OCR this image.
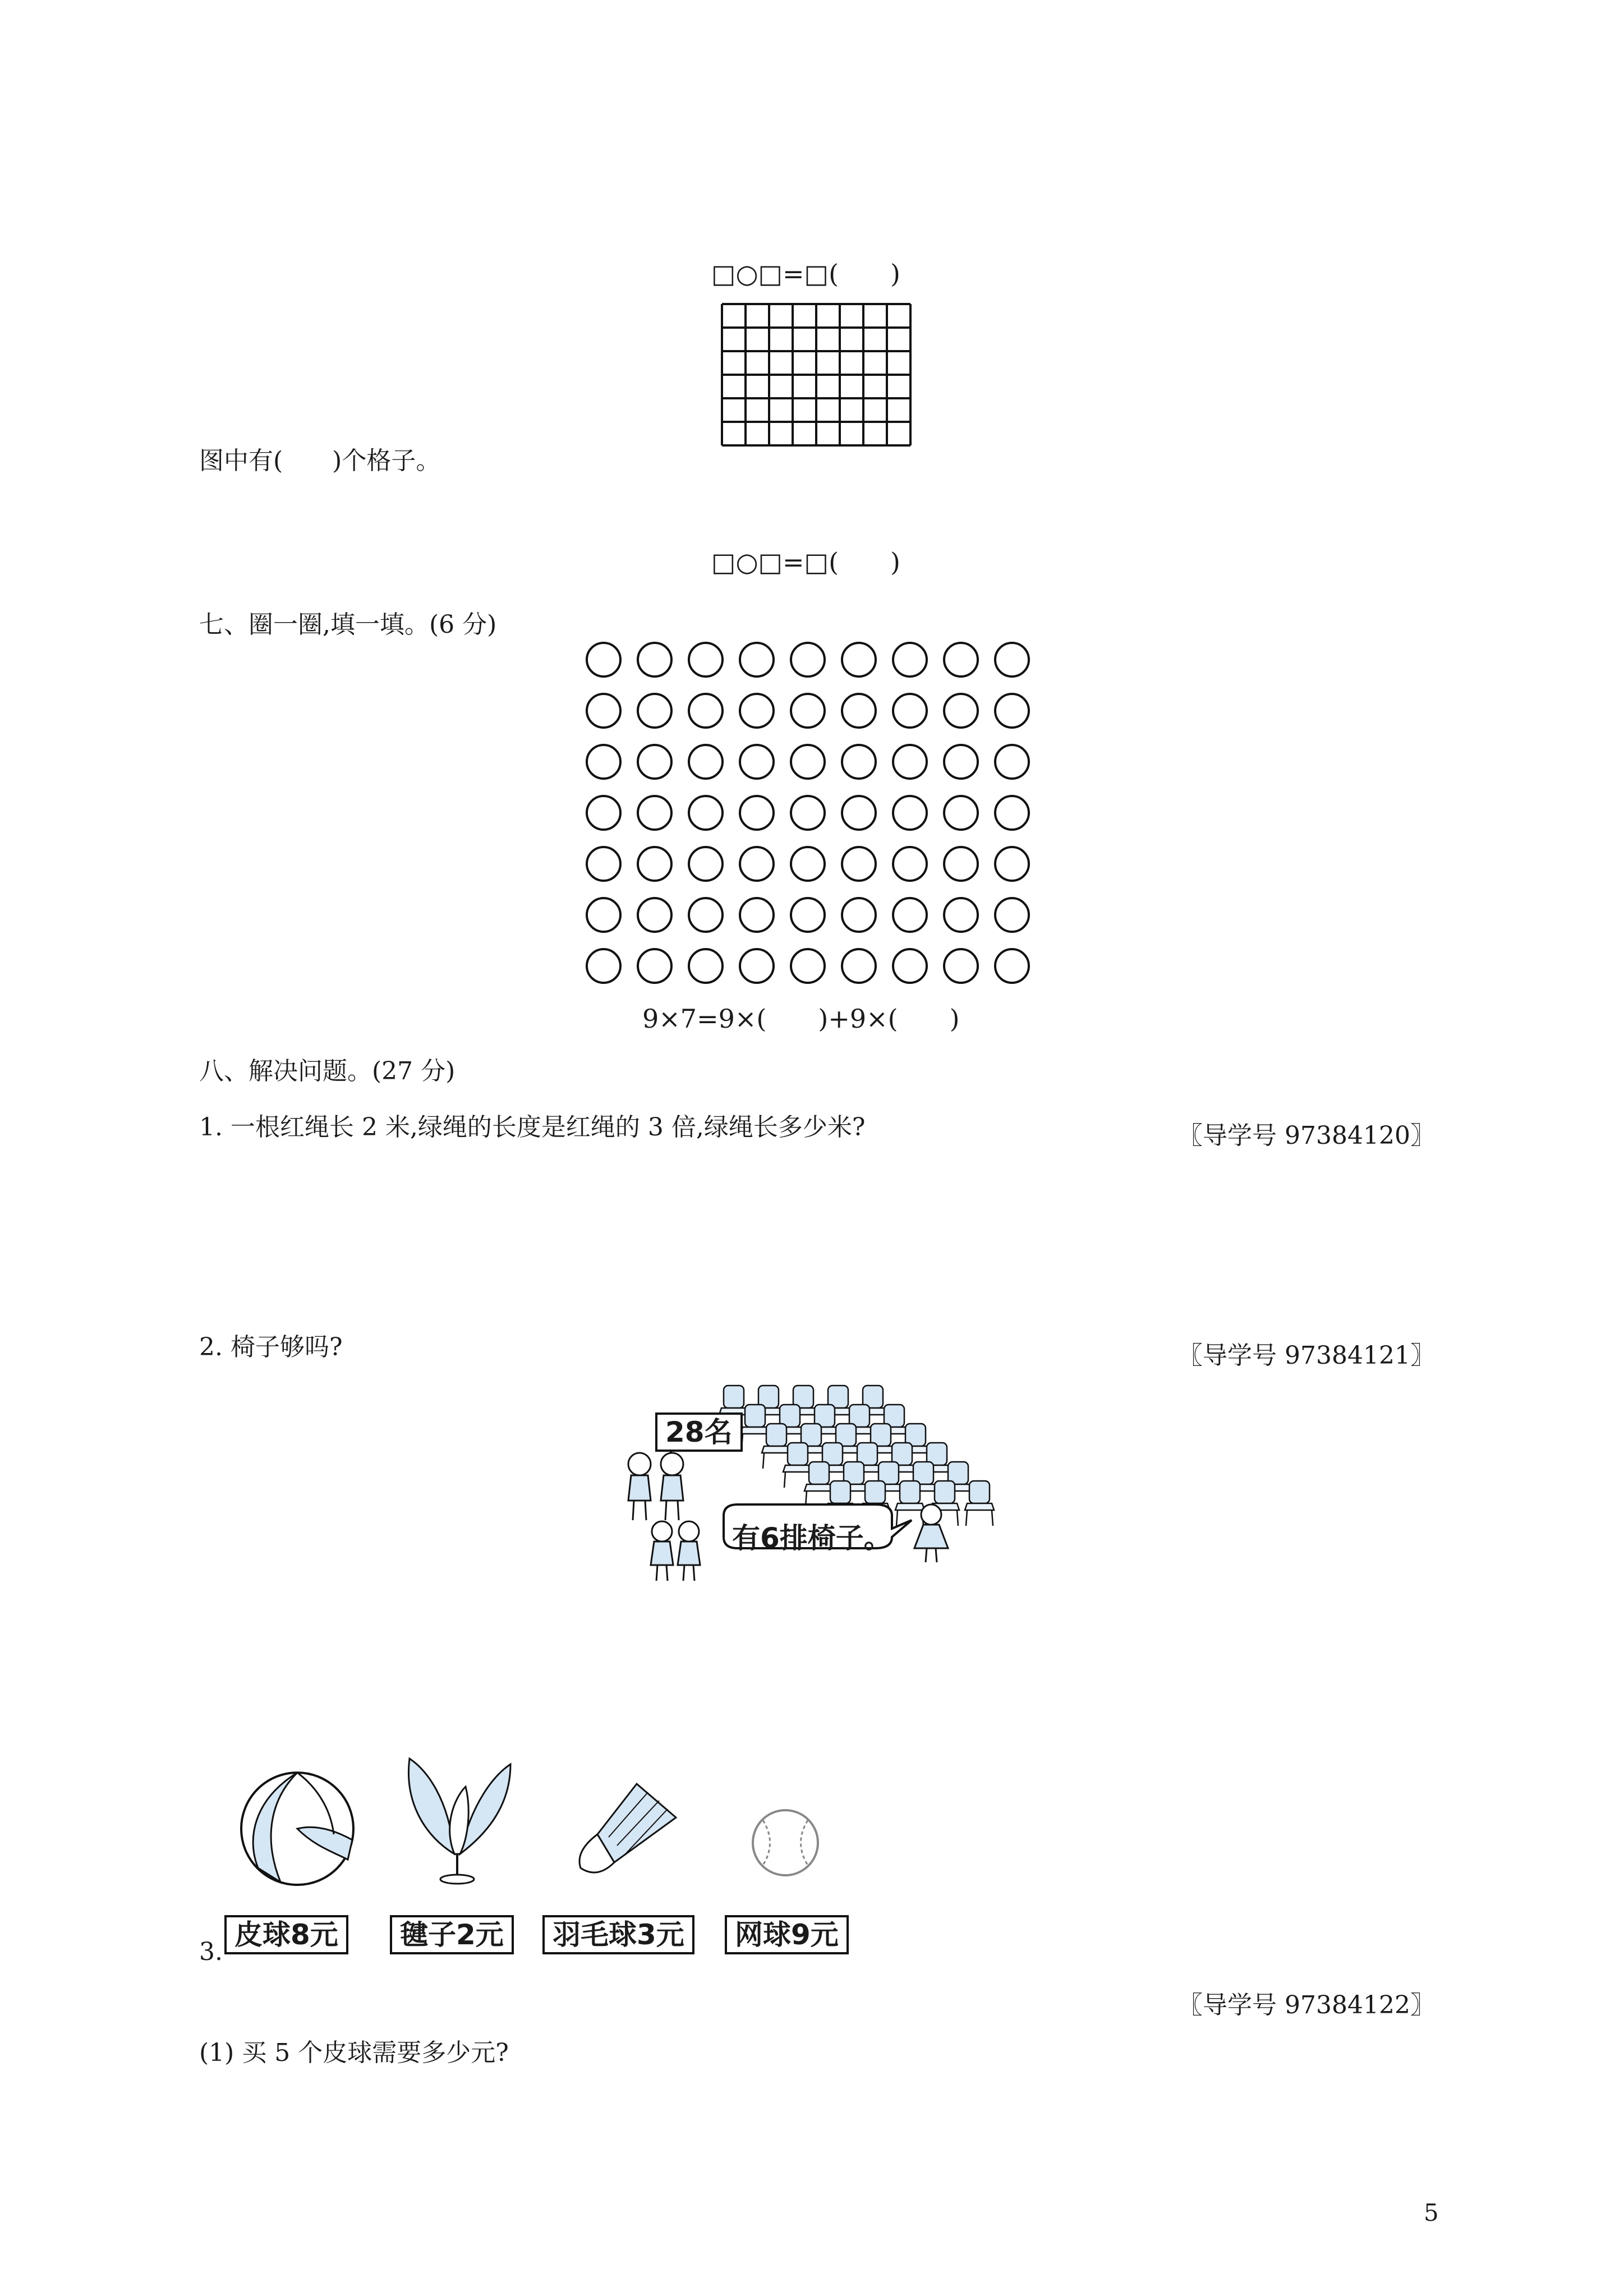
□○□=□(　　)
图中有(　　)个格子。
□○□=□(　　)
七、圈一圈,填一填。(6 分)
9×7=9×(　　)+9×(　　)
八、解决问题。(27 分)
1. 一根红绳长 2 米,绿绳的长度是红绳的 3 倍,绿绳长多少米?	〖导学号 97384120〗
2. 椅子够吗?	〖导学号 97384121〗
28名
有6排椅子。
3.
皮球8元	毽子2元	羽毛球3元	网球9元
〖导学号 97384122〗
(1) 买 5 个皮球需要多少元?
5
